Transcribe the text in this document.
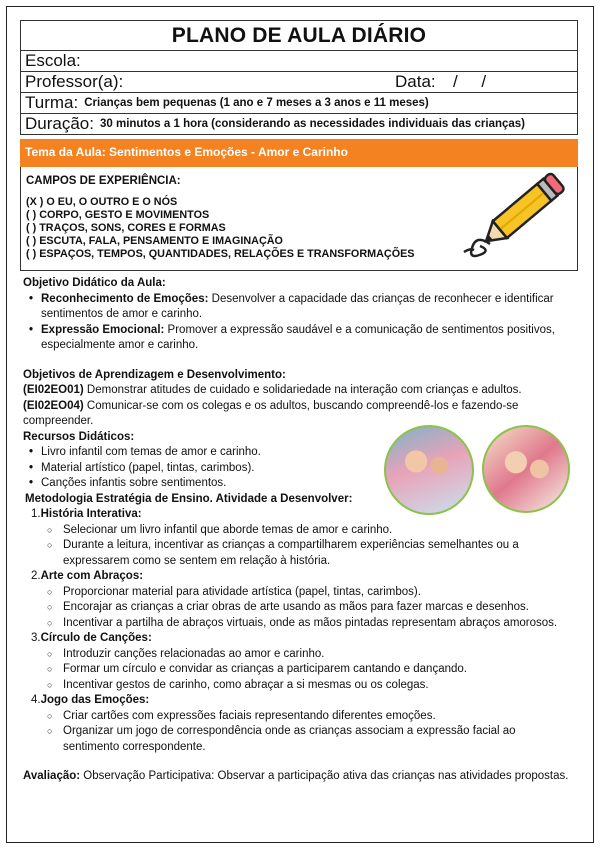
PLANO DE AULA DIÁRIO
Escola:
Professor(a):	Data: /     /
Turma: Crianças bem pequenas (1 ano e 7 meses a 3 anos e 11 meses)
Duração: 30 minutos a 1 hora (considerando as necessidades individuais das crianças)
Tema da Aula: Sentimentos e Emoções - Amor e Carinho
CAMPOS DE EXPERIÊNCIA:
(X ) O EU, O OUTRO E O NÓS
( ) CORPO, GESTO E MOVIMENTOS
( ) TRAÇOS, SONS, CORES E FORMAS
( ) ESCUTA, FALA, PENSAMENTO E IMAGINAÇÃO
( ) ESPAÇOS, TEMPOS, QUANTIDADES, RELAÇÕES E TRANSFORMAÇÕES
Objetivo Didático da Aula:
• Reconhecimento de Emoções: Desenvolver a capacidade das crianças de reconhecer e identificar sentimentos de amor e carinho.
• Expressão Emocional: Promover a expressão saudável e a comunicação de sentimentos positivos, especialmente amor e carinho.
Objetivos de Aprendizagem e Desenvolvimento:
(EI02EO01) Demonstrar atitudes de cuidado e solidariedade na interação com crianças e adultos.
(EI02EO04) Comunicar-se com os colegas e os adultos, buscando compreendê-los e fazendo-se compreender.
Recursos Didáticos:
• Livro infantil com temas de amor e carinho.
• Material artístico (papel, tintas, carimbos).
• Canções infantis sobre sentimentos.
Metodologia Estratégia de Ensino. Atividade a Desenvolver:
1.História Interativa:
○ Selecionar um livro infantil que aborde temas de amor e carinho.
○ Durante a leitura, incentivar as crianças a compartilharem experiências semelhantes ou a expressarem como se sentem em relação à história.
2.Arte com Abraços:
○ Proporcionar material para atividade artística (papel, tintas, carimbos).
○ Encorajar as crianças a criar obras de arte usando as mãos para fazer marcas e desenhos.
○ Incentivar a partilha de abraços virtuais, onde as mãos pintadas representam abraços amorosos.
3.Círculo de Canções:
○ Introduzir canções relacionadas ao amor e carinho.
○ Formar um círculo e convidar as crianças a participarem cantando e dançando.
○ Incentivar gestos de carinho, como abraçar a si mesmas ou os colegas.
4.Jogo das Emoções:
○ Criar cartões com expressões faciais representando diferentes emoções.
○ Organizar um jogo de correspondência onde as crianças associam a expressão facial ao sentimento correspondente.
Avaliação: Observação Participativa: Observar a participação ativa das crianças nas atividades propostas.
